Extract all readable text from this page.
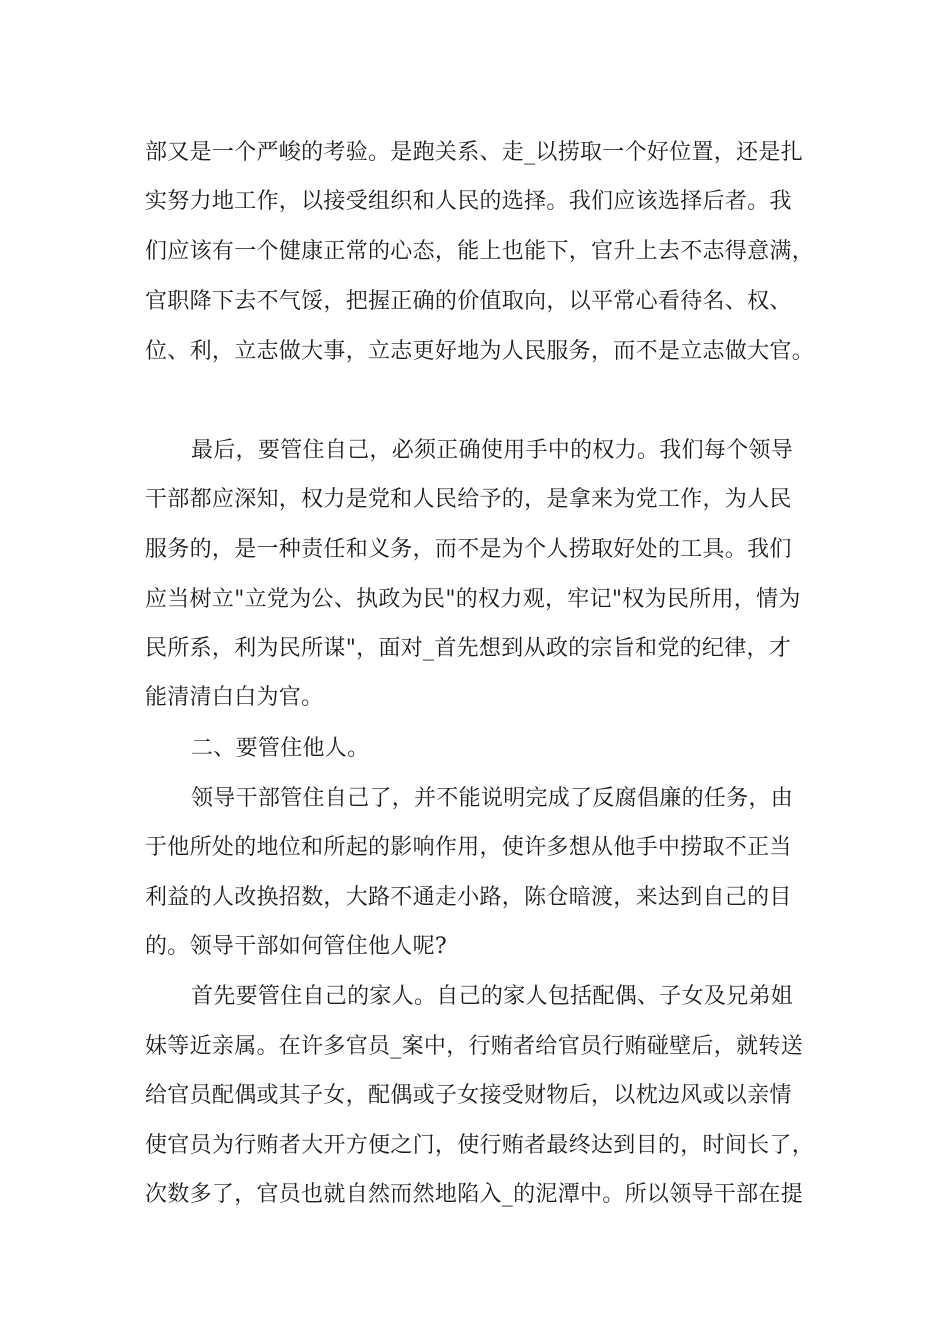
部又是一个严峻的考验。是跑关系、走_以捞取一个好位置，还是扎
实努力地工作，以接受组织和人民的选择。我们应该选择后者。我
们应该有一个健康正常的心态，能上也能下，官升上去不志得意满，
官职降下去不气馁，把握正确的价值取向，以平常心看待名、权、
位、利，立志做大事，立志更好地为人民服务，而不是立志做大官。
最后，要管住自己，必须正确使用手中的权力。我们每个领导
干部都应深知，权力是党和人民给予的，是拿来为党工作，为人民
服务的，是一种责任和义务，而不是为个人捞取好处的工具。我们
应当树立"立党为公、执政为民"的权力观，牢记"权为民所用，情为
民所系，利为民所谋"，面对_首先想到从政的宗旨和党的纪律，才
能清清白白为官。
二、要管住他人。
领导干部管住自己了，并不能说明完成了反腐倡廉的任务，由
于他所处的地位和所起的影响作用，使许多想从他手中捞取不正当
利益的人改换招数，大路不通走小路，陈仓暗渡，来达到自己的目
的。领导干部如何管住他人呢?
首先要管住自己的家人。自己的家人包括配偶、子女及兄弟姐
妹等近亲属。在许多官员_案中，行贿者给官员行贿碰壁后，就转送
给官员配偶或其子女，配偶或子女接受财物后，以枕边风或以亲情
使官员为行贿者大开方便之门，使行贿者最终达到目的，时间长了，
次数多了，官员也就自然而然地陷入_的泥潭中。所以领导干部在提
